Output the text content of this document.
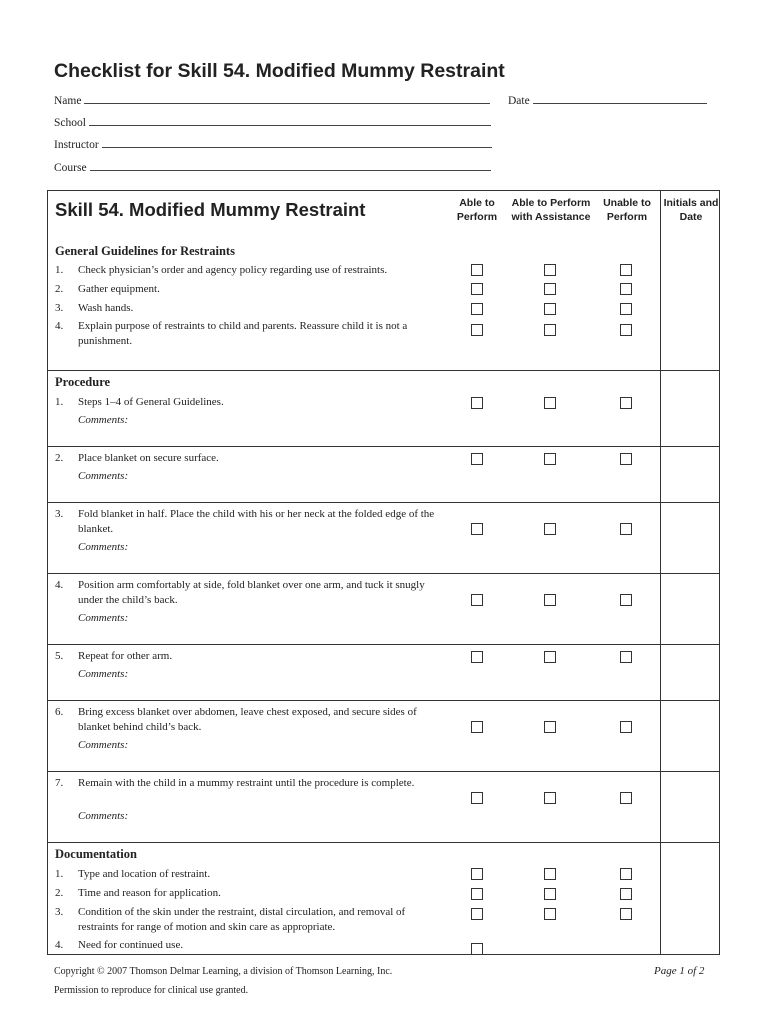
Checklist for Skill 54. Modified Mummy Restraint
Name	Date
School
Instructor
Course
Skill 54. Modified Mummy Restraint	Able to Perform
Able to Perform with Assistance
Unable to Perform
Initials and Date
General Guidelines for Restraints
1. Check physician’s order and agency policy regarding use of restraints.
2. Gather equipment.
3. Wash hands.
4. Explain purpose of restraints to child and parents. Reassure child it is not a punishment.
Procedure
1. Steps 1–4 of General Guidelines.
Comments:
2. Place blanket on secure surface.
Comments:
3. Fold blanket in half. Place the child with his or her neck at the folded edge of the blanket.
Comments:
4. Position arm comfortably at side, fold blanket over one arm, and tuck it snugly under the child’s back.
Comments:
5. Repeat for other arm.
Comments:
6. Bring excess blanket over abdomen, leave chest exposed, and secure sides of blanket behind child’s back.
Comments:
7. Remain with the child in a mummy restraint until the procedure is complete.
Comments:
Documentation
1. Type and location of restraint.
2. Time and reason for application.
3. Condition of the skin under the restraint, distal circulation, and removal of restraints for range of motion and skin care as appropriate.
4. Need for continued use.
Copyright © 2007 Thomson Delmar Learning, a division of Thomson Learning, Inc.
Permission to reproduce for clinical use granted.
Page 1 of 2
